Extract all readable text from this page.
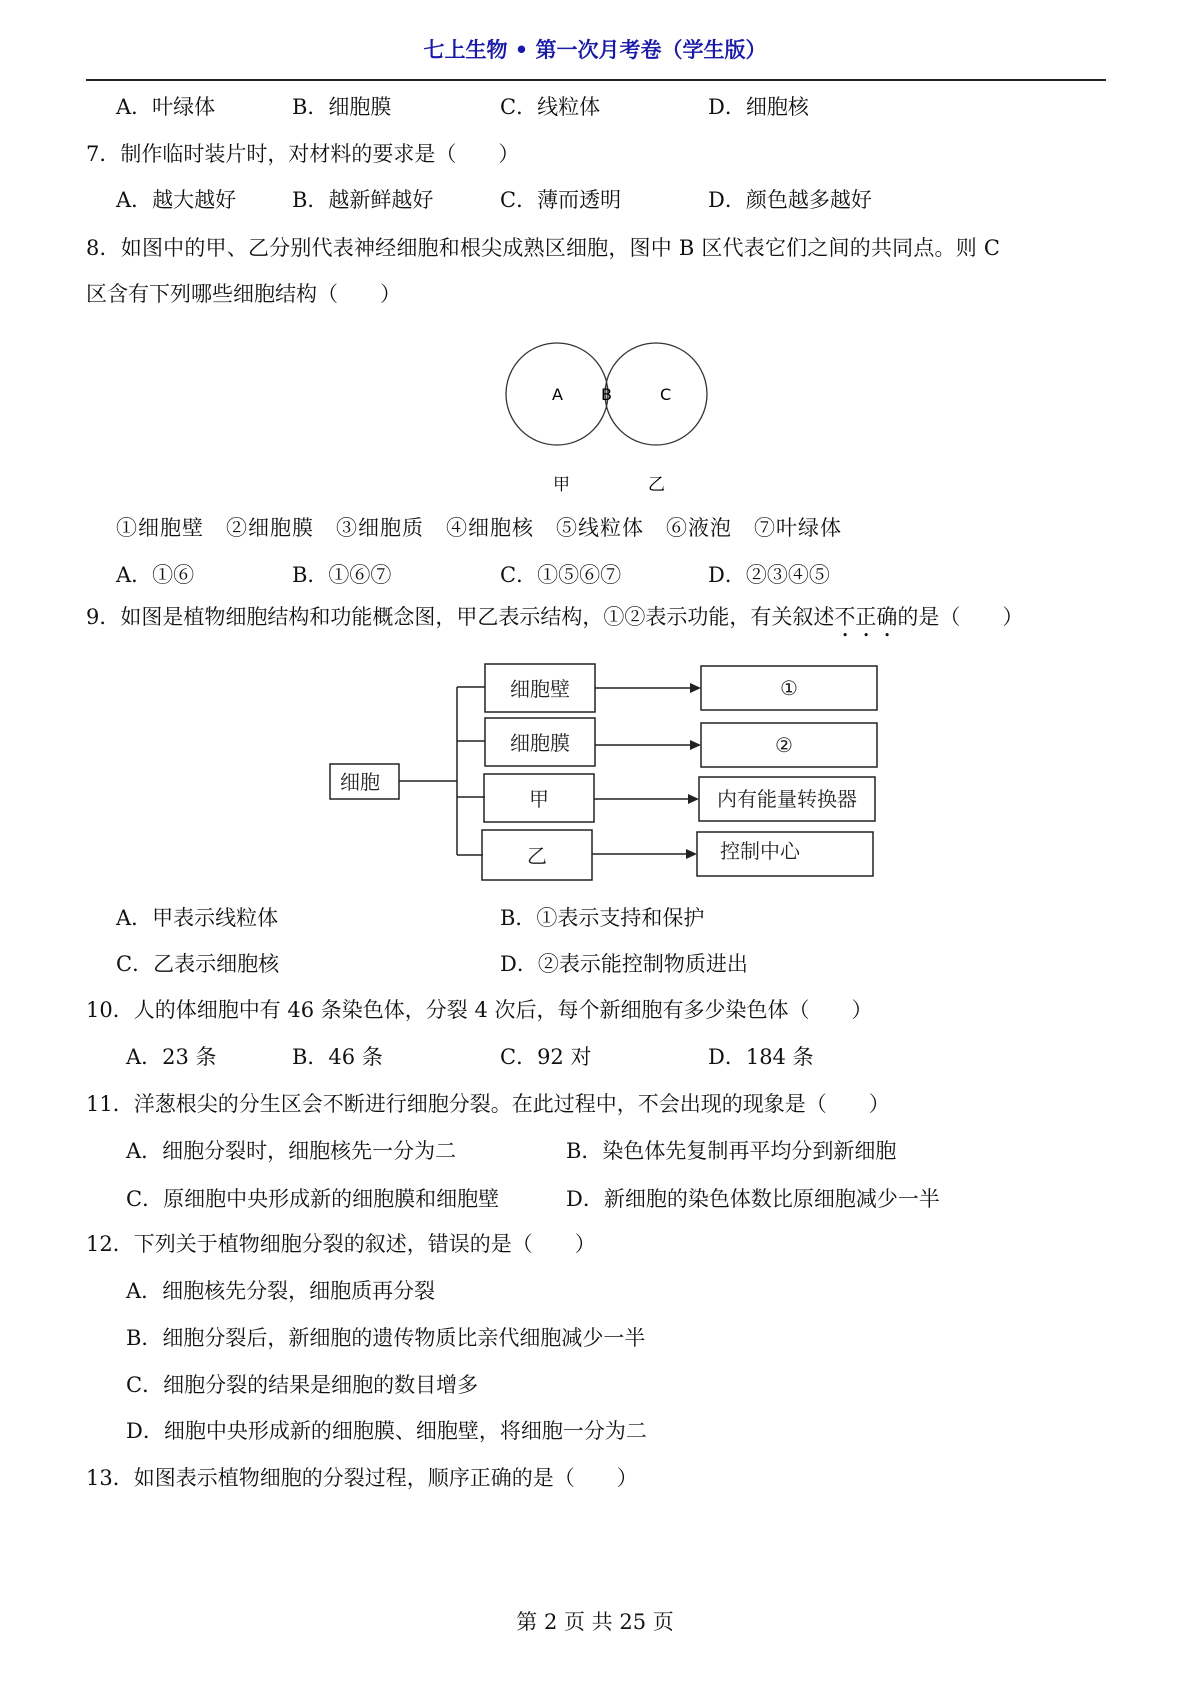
七上生物 • 第一次月考卷（学生版）
A．叶绿体	B．细胞膜	C．线粒体	D．细胞核
7．制作临时装片时，对材料的要求是（　　）
A．越大越好	B．越新鲜越好	C．薄而透明	D．颜色越多越好
8．如图中的甲、乙分别代表神经细胞和根尖成熟区细胞，图中 B 区代表它们之间的共同点。则 C
区含有下列哪些细胞结构（　　）
A B	C
甲	乙
①细胞壁　②细胞膜　③细胞质　④细胞核　⑤线粒体　⑥液泡　⑦叶绿体
A．①⑥	B．①⑥⑦	C．①⑤⑥⑦	D．②③④⑤
9．如图是植物细胞结构和功能概念图，甲乙表示结构，①②表示功能，有关叙述不正确的是（　　）
细胞
细胞壁
细胞膜
甲
乙
①
②
内有能量转换器
控制中心
A．甲表示线粒体	B．①表示支持和保护
C．乙表示细胞核	D．②表示能控制物质进出
10．人的体细胞中有 46 条染色体，分裂 4 次后，每个新细胞有多少染色体（　　）
A．23 条	B．46 条	C．92 对	D．184 条
11．洋葱根尖的分生区会不断进行细胞分裂。在此过程中，不会出现的现象是（　　）
A．细胞分裂时，细胞核先一分为二	B．染色体先复制再平均分到新细胞
C．原细胞中央形成新的细胞膜和细胞壁	D．新细胞的染色体数比原细胞减少一半
12．下列关于植物细胞分裂的叙述，错误的是（　　）
A．细胞核先分裂，细胞质再分裂
B．细胞分裂后，新细胞的遗传物质比亲代细胞减少一半
C．细胞分裂的结果是细胞的数目增多
D．细胞中央形成新的细胞膜、细胞壁，将细胞一分为二
13．如图表示植物细胞的分裂过程，顺序正确的是（　　）
第 2 页 共 25 页
